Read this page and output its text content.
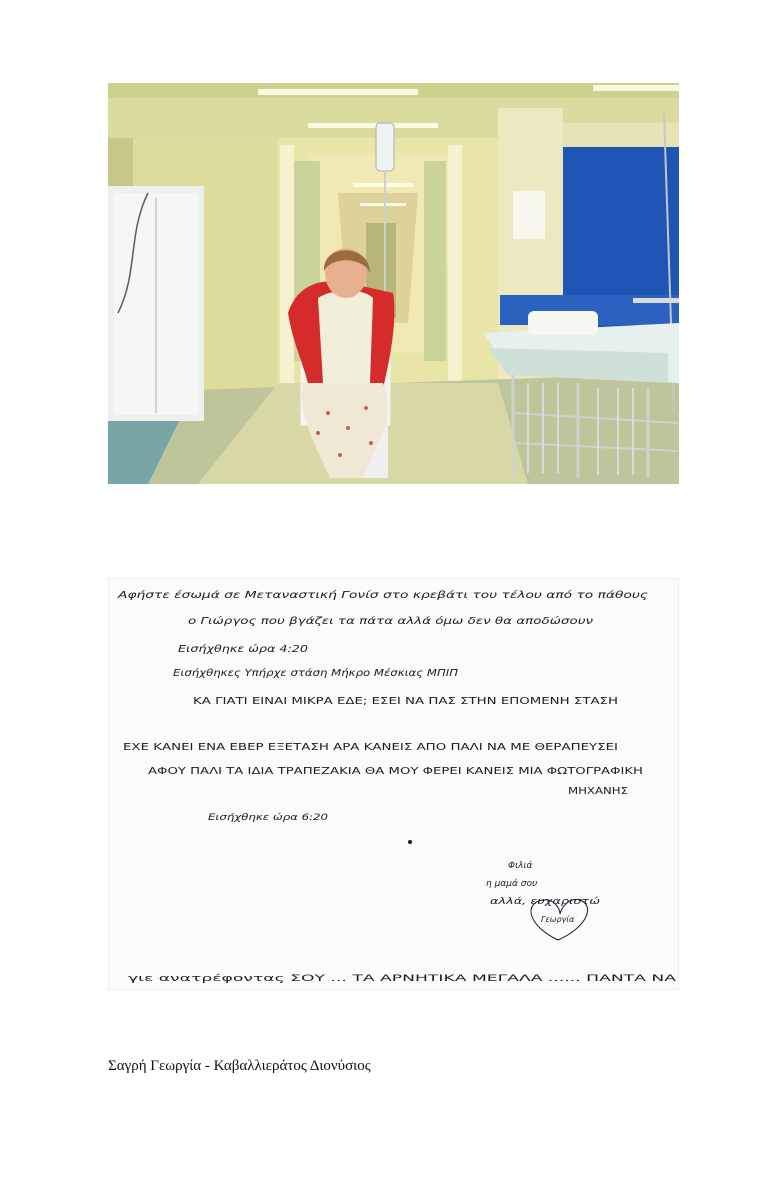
Αφήστε έσωμά σε Μεταναστική Γονίσ στο κρεβάτι του τέλου από το πάθους
ο Γιώργος που βγάζει τα πάτα αλλά όμω δεν θα αποδώσουν
Εισήχθηκε ώρα 4:20
Εισήχθηκες Υπήρχε στάση Μήκρο Μέσκιας ΜΠΙΠ
ΚΑ ΓΙΑΤΙ ΕΙΝΑΙ ΜΙΚΡΑ ΕΔΕ; ΕΣΕΙ ΝΑ ΠΑΣ ΣΤΗΝ ΕΠΟΜΕΝΗ ΣΤΑΣΗ
ΕΧΕ ΚΑΝΕΙ ΕΝΑ ΕΒΕΡ ΕΞΕΤΑΣΗ ΑΡΑ ΚΑΝΕΙΣ ΑΠΟ ΠΑΛΙ ΝΑ ΜΕ ΘΕΡΑΠΕΥΣΕΙ
ΑΦΟΥ ΠΑΛΙ ΤΑ ΙΔΙΑ ΤΡΑΠΕΖΑΚΙΑ ΘΑ ΜΟΥ ΦΕΡΕΙ ΚΑΝΕΙΣ ΜΙΑ ΦΩΤΟΓΡΑΦΙΚΗ
ΜΗΧΑΝΗΣ
Εισήχθηκε ώρα 6:20
Φιλιά
η μαμά σου
αλλά, ευχαριστώ
Γεωργία
γιε ανατρέφοντας ΣΟΥ ... ΤΑ ΑΡΝΗΤΙΚΑ ΜΕΓΑΛΑ ...... ΠΑΝΤΑ ΝΑ
Σαγρή Γεωργία - Καβαλλιεράτος Διονύσιος
